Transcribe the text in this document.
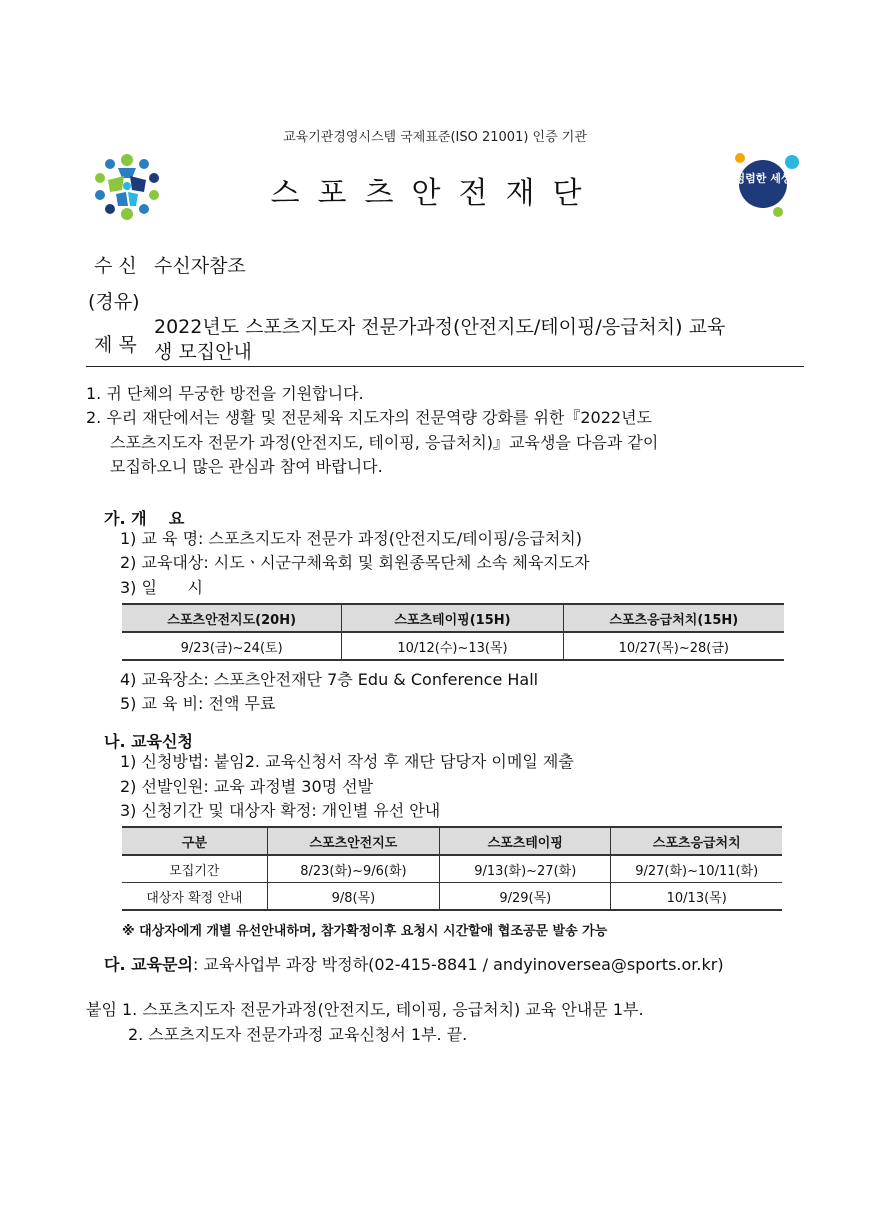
교육기관경영시스템 국제표준(ISO 21001) 인증 기관
스포츠안전재단	청렴한 세상
수 신 수신자참조
(경유)
제 목
2022년도 스포츠지도자 전문가과정(안전지도/테이핑/응급처치) 교육
생 모집안내
1. 귀 단체의 무궁한 방전을 기원합니다.
2. 우리 재단에서는 생활 및 전문체육 지도자의 전문역량 강화를 위한『2022년도
스포츠지도자 전문가 과정(안전지도, 테이핑, 응급처치)』교육생을 다음과 같이
모집하오니 많은 관심과 참여 바랍니다.
가. 개    요
1) 교 육 명: 스포츠지도자 전문가 과정(안전지도/테이핑/응급처치)
2) 교육대상: 시도ㆍ시군구체육회 및 회원종목단체 소속 체육지도자
3) 일      시
스포츠안전지도(20H)	스포츠테이핑(15H)	스포츠응급처치(15H)
9/23(금)~24(토)	10/12(수)~13(목)	10/27(목)~28(금)
4) 교육장소: 스포츠안전재단 7층 Edu & Conference Hall
5) 교 육 비: 전액 무료
나. 교육신청
1) 신청방법: 붙임2. 교육신청서 작성 후 재단 담당자 이메일 제출
2) 선발인원: 교육 과정별 30명 선발
3) 신청기간 및 대상자 확정: 개인별 유선 안내
구분	스포츠안전지도	스포츠테이핑	스포츠응급처치
모집기간	8/23(화)~9/6(화)	9/13(화)~27(화)	9/27(화)~10/11(화)
대상자 확정 안내	9/8(목)	9/29(목)	10/13(목)
※ 대상자에게 개별 유선안내하며, 참가확정이후 요청시 시간할애 협조공문 발송 가능
다. 교육문의: 교육사업부 과장 박정하(02-415-8841 / andyinoversea@sports.or.kr)
붙임 1. 스포츠지도자 전문가과정(안전지도, 테이핑, 응급처치) 교육 안내문 1부.
2. 스포츠지도자 전문가과정 교육신청서 1부. 끝.
